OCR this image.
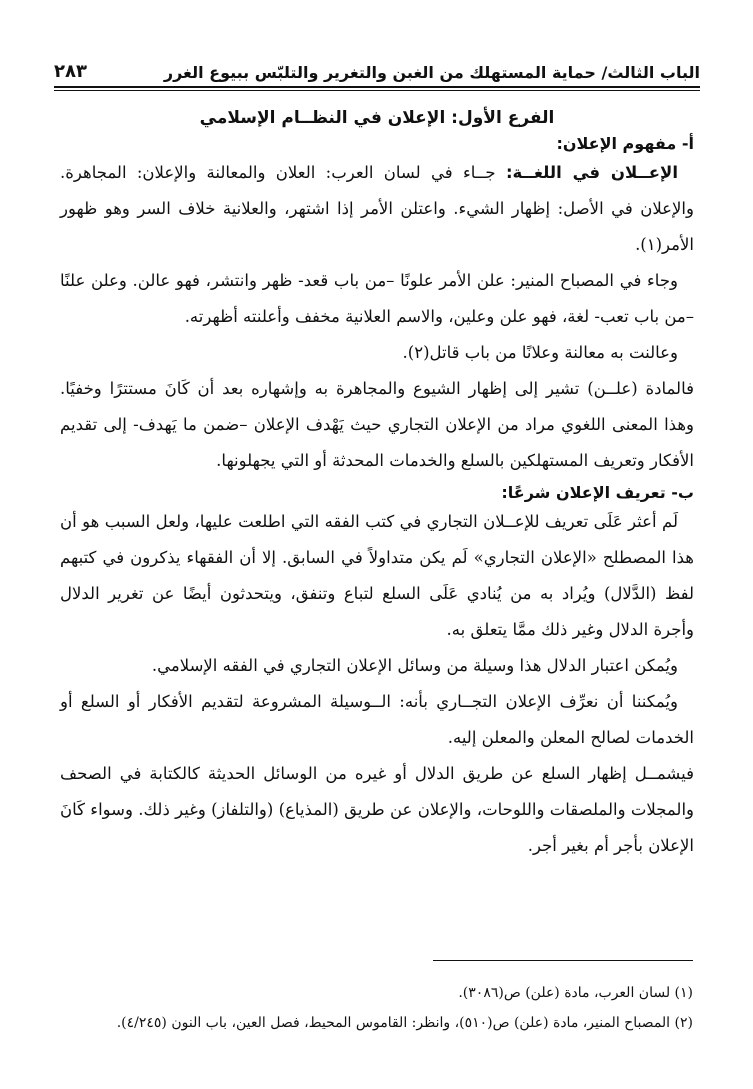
الباب الثالث/ حماية المستهلك من الغبن والتغرير والتلبّس ببيوع الغرر
٢٨٣
الفرع الأول: الإعلان في النظــام الإسلامي
أ- مفهوم الإعلان:

الإعــلان في اللغــة: جــاء في لسان العرب: العلان والمعالنة والإعلان: المجاهرة. والإعلان في الأصل: إظهار الشيء. واعتلن الأمر إذا اشتهر، والعلانية خلاف السر وهو ظهور الأمر(١).

وجاء في المصباح المنير: علن الأمر علونًا –من باب قعد- ظهر وانتشر، فهو عالن. وعلن علنًا –من باب تعب- لغة، فهو علن وعلين، والاسم العلانية مخفف وأعلنته أظهرته.

وعالنت به معالنة وعلانًا من باب قاتل(٢).

فالمادة (علــن) تشير إلى إظهار الشيوع والمجاهرة به وإشهاره بعد أن كَانَ مستترًا وخفيًا. وهذا المعنى اللغوي مراد من الإعلان التجاري حيث يَهْدف الإعلان –ضمن ما يَهدف- إلى تقديم الأفكار وتعريف المستهلكين بالسلع والخدمات المحدثة أو التي يجهلونها.

ب- تعريف الإعلان شرعًا:

لَم أعثر عَلَى تعريف للإعــلان التجاري في كتب الفقه التي اطلعت عليها، ولعل السبب هو أن هذا المصطلح «الإعلان التجاري» لَم يكن متداولاً في السابق. إلا أن الفقهاء يذكرون في كتبهم لفظ (الدَّلال) ويُراد به من يُنادي عَلَى السلع لتباع وتنفق، ويتحدثون أيضًا عن تغرير الدلال وأجرة الدلال وغير ذلك ممَّا يتعلق به.

ويُمكن اعتبار الدلال هذا وسيلة من وسائل الإعلان التجاري في الفقه الإسلامي.

ويُمكننا أن نعرِّف الإعلان التجــاري بأنه: الــوسيلة المشروعة لتقديم الأفكار أو السلع أو الخدمات لصالح المعلن والمعلن إليه.

فيشمــل إظهار السلع عن طريق الدلال أو غيره من الوسائل الحديثة كالكتابة في الصحف والمجلات والملصقات واللوحات، والإعلان عن طريق (المذياع) (والتلفاز) وغير ذلك. وسواء كَانَ الإعلان بأجر أم بغير أجر.

(١) لسان العرب، مادة (علن) ص(٣٠٨٦).
(٢) المصباح المنير، مادة (علن) ص(٥١٠)، وانظر: القاموس المحيط، فصل العين، باب النون (٤/٢٤٥).
